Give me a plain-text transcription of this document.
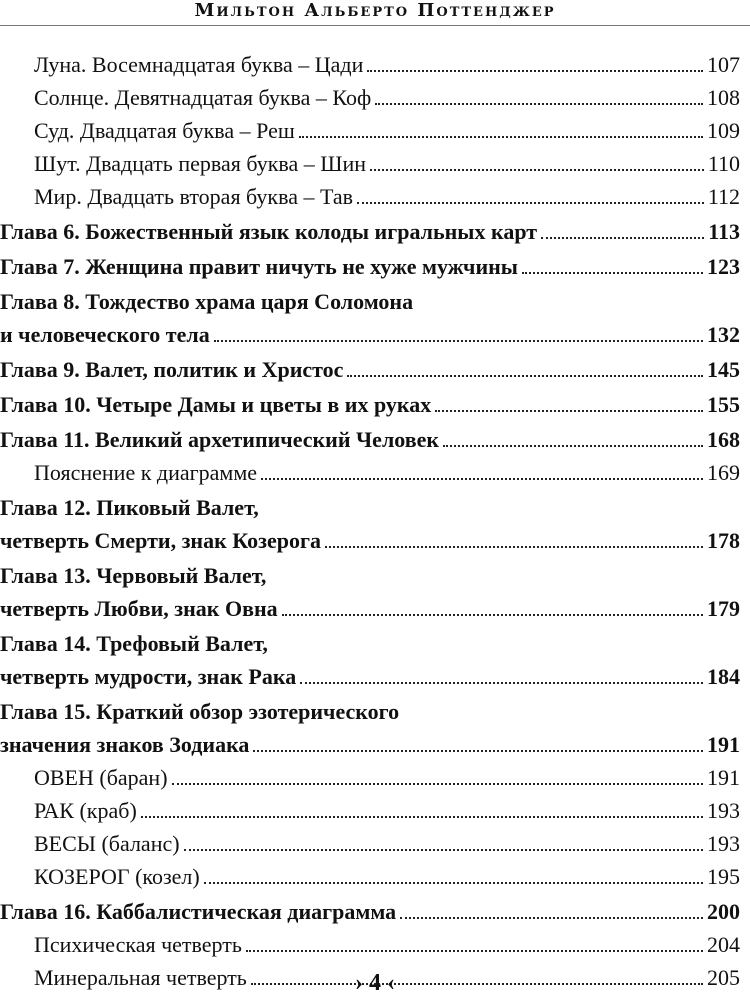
Мильтон Альберто Поттенджер
Луна. Восемнадцатая буква – Цади	107
Солнце. Девятнадцатая буква – Коф	108
Суд. Двадцатая буква – Реш	109
Шут. Двадцать первая буква – Шин	110
Мир. Двадцать вторая буква – Тав	112
Глава 6. Божественный язык колоды игральных карт	113
Глава 7. Женщина правит ничуть не хуже мужчины	123
Глава 8. Тождество храма царя Соломона
и человеческого тела	132
Глава 9. Валет, политик и Христос	145
Глава 10. Четыре Дамы и цветы в их руках	155
Глава 11. Великий архетипический Человек	168
Пояснение к диаграмме	169
Глава 12. Пиковый Валет,
четверть Смерти, знак Козерога	178
Глава 13. Червовый Валет,
четверть Любви, знак Овна	179
Глава 14. Трефовый Валет,
четверть мудрости, знак Рака	184
Глава 15. Краткий обзор эзотерического
значения знаков Зодиака	191
ОВЕН (баран)	191
РАК (краб)	193
ВЕСЫ (баланс)	193
КОЗЕРОГ (козел)	195
Глава 16. Каббалистическая диаграмма	200
Психическая четверть	204
Минеральная четверть	205
› 4 ‹
